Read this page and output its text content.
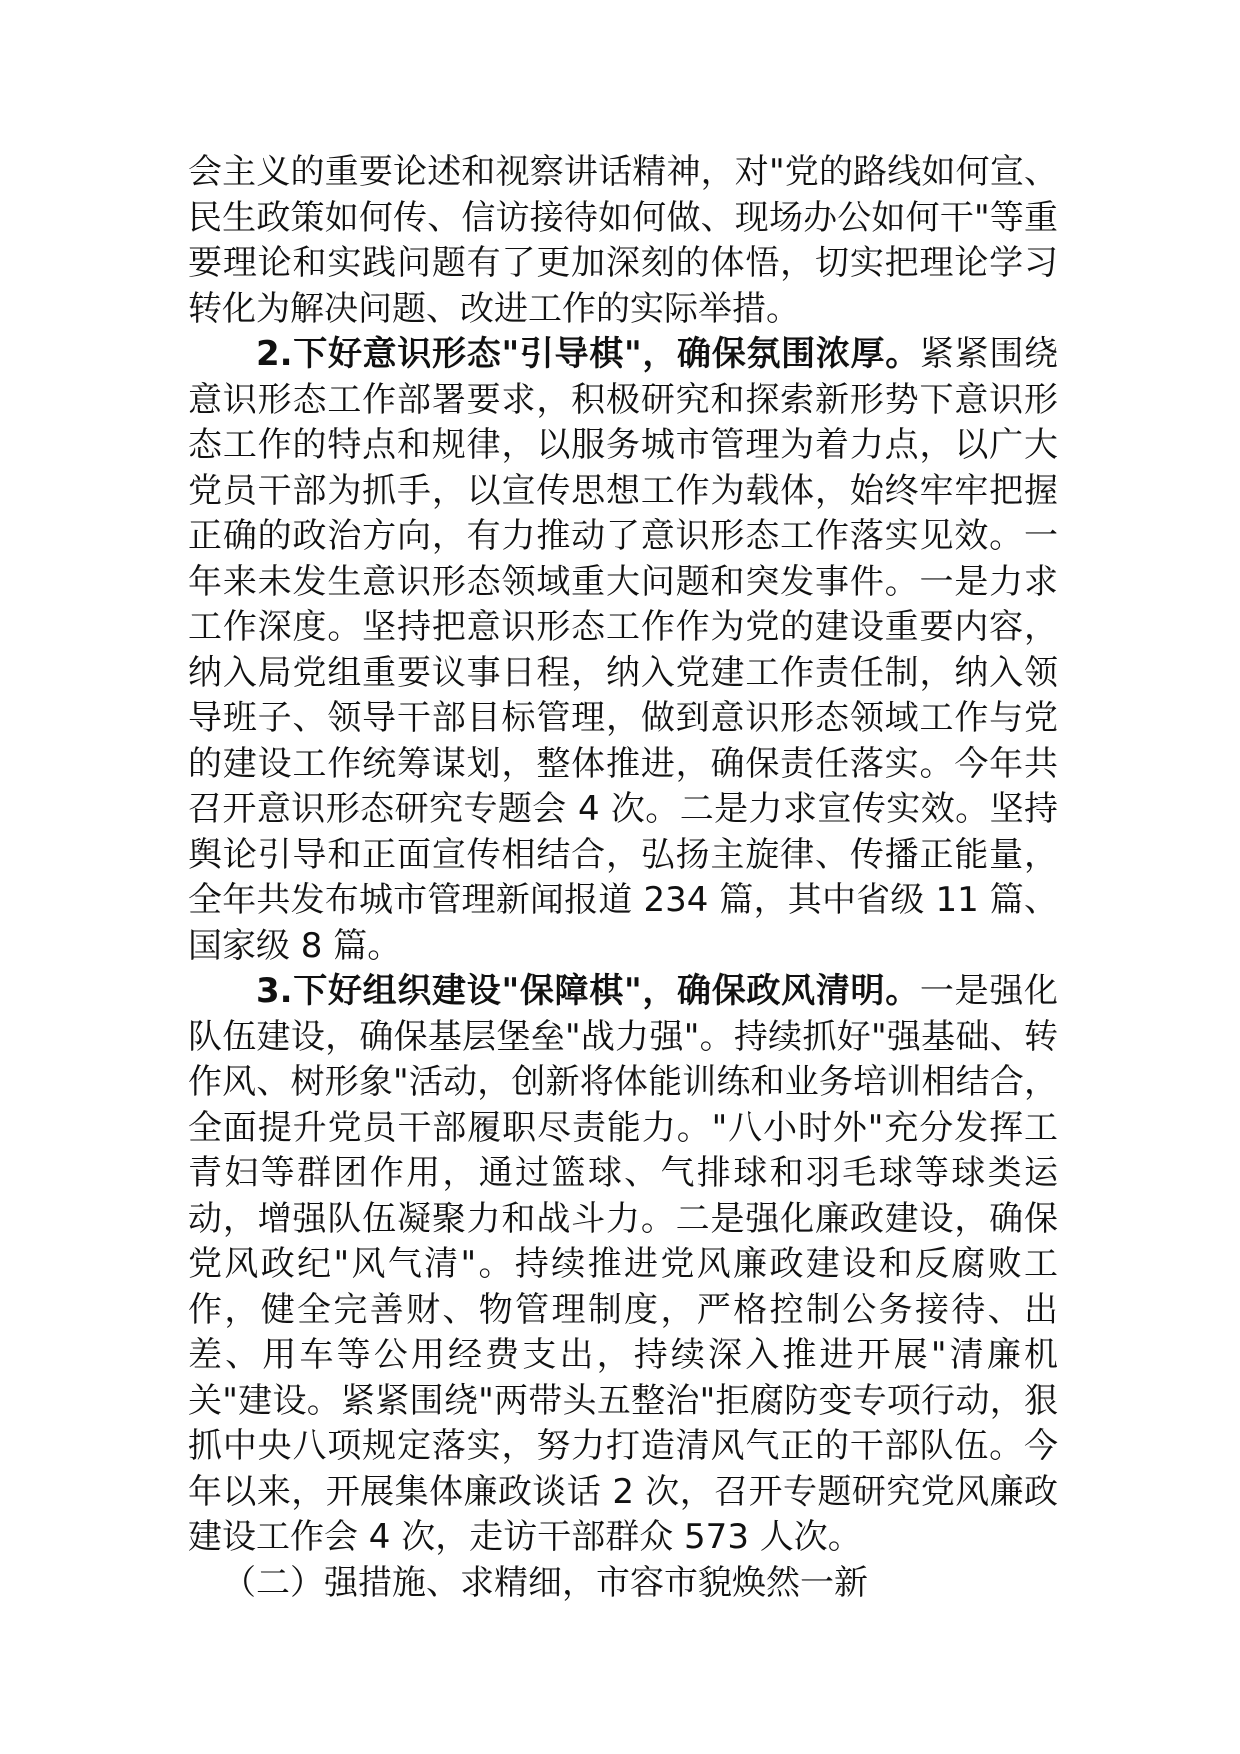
会主义的重要论述和视察讲话精神，对"党的路线如何宣、民生政策如何传、信访接待如何做、现场办公如何干"等重要理论和实践问题有了更加深刻的体悟，切实把理论学习转化为解决问题、改进工作的实际举措。

2.下好意识形态"引导棋"，确保氛围浓厚。紧紧围绕意识形态工作部署要求，积极研究和探索新形势下意识形态工作的特点和规律，以服务城市管理为着力点，以广大党员干部为抓手，以宣传思想工作为载体，始终牢牢把握正确的政治方向，有力推动了意识形态工作落实见效。一年来未发生意识形态领域重大问题和突发事件。一是力求工作深度。坚持把意识形态工作作为党的建设重要内容，纳入局党组重要议事日程，纳入党建工作责任制，纳入领导班子、领导干部目标管理，做到意识形态领域工作与党的建设工作统筹谋划，整体推进，确保责任落实。今年共召开意识形态研究专题会 4 次。二是力求宣传实效。坚持舆论引导和正面宣传相结合，弘扬主旋律、传播正能量，全年共发布城市管理新闻报道 234 篇，其中省级 11 篇、国家级 8 篇。

3.下好组织建设"保障棋"，确保政风清明。一是强化队伍建设，确保基层堡垒"战力强"。持续抓好"强基础、转作风、树形象"活动，创新将体能训练和业务培训相结合，全面提升党员干部履职尽责能力。"八小时外"充分发挥工青妇等群团作用，通过篮球、气排球和羽毛球等球类运动，增强队伍凝聚力和战斗力。二是强化廉政建设，确保党风政纪"风气清"。持续推进党风廉政建设和反腐败工作，健全完善财、物管理制度，严格控制公务接待、出差、用车等公用经费支出，持续深入推进开展"清廉机关"建设。紧紧围绕"两带头五整治"拒腐防变专项行动，狠抓中央八项规定落实，努力打造清风气正的干部队伍。今年以来，开展集体廉政谈话 2 次，召开专题研究党风廉政建设工作会 4 次，走访干部群众 573 人次。

（二）强措施、求精细，市容市貌焕然一新
